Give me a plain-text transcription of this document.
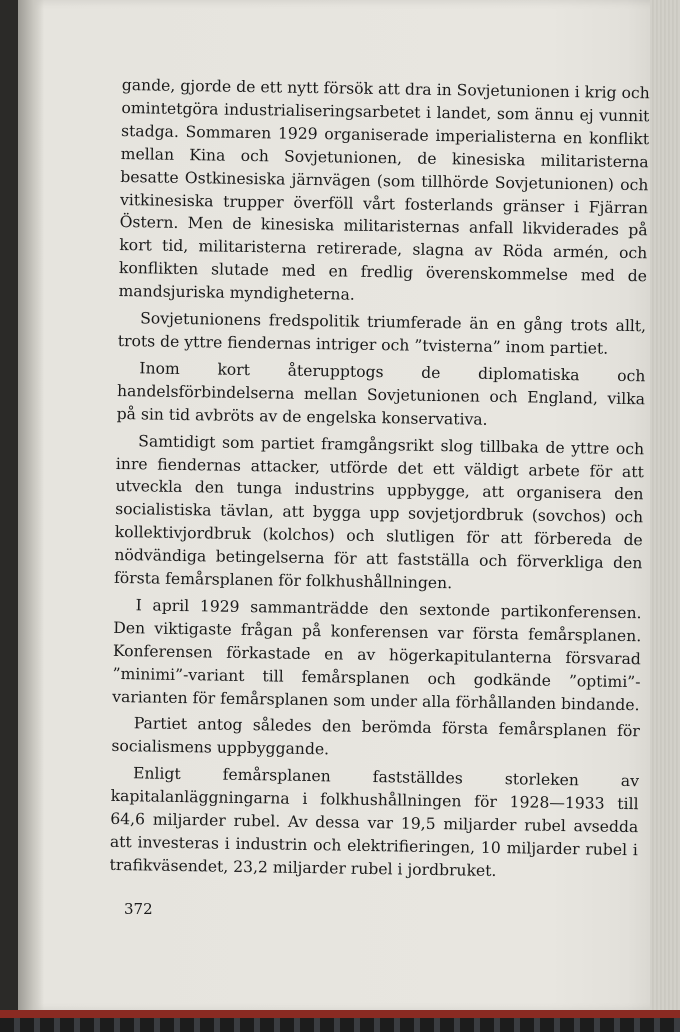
gande, gjorde de ett nytt försök att dra in Sovjetunionen i krig och omintetgöra industrialiseringsarbetet i landet, som ännu ej vunnit stadga. Sommaren 1929 organiserade imperialisterna en konflikt mellan Kina och Sovjetunionen, de kinesiska militaristerna besatte Ostkinesiska järnvägen (som tillhörde Sovjetunionen) och vitkinesiska trupper överföll vårt fosterlands gränser i Fjärran Östern. Men de kinesiska militaristernas anfall likviderades på kort tid, militaristerna retirerade, slagna av Röda armén, och konflikten slutade med en fredlig överenskommelse med de mandsjuriska myndigheterna.

Sovjetunionens fredspolitik triumferade än en gång trots allt, trots de yttre fiendernas intriger och ”tvisterna” inom partiet.

Inom kort återupptogs de diplomatiska och handelsförbindelserna mellan Sovjetunionen och England, vilka på sin tid avbröts av de engelska konservativa.

Samtidigt som partiet framgångsrikt slog tillbaka de yttre och inre fiendernas attacker, utförde det ett väldigt arbete för att utveckla den tunga industrins uppbygge, att organisera den socialistiska tävlan, att bygga upp sovjetjordbruk (sovchos) och kollektivjordbruk (kolchos) och slutligen för att förbereda de nödvändiga betingelserna för att fastställa och förverkliga den första femårsplanen för folkhushållningen.

I april 1929 sammanträdde den sextonde partikonferensen. Den viktigaste frågan på konferensen var första femårsplanen. Konferensen förkastade en av högerkapitulanterna försvarad ”minimi”-variant till femårsplanen och godkände ”optimi”-varianten för femårsplanen som under alla förhållanden bindande.

Partiet antog således den berömda första femårsplanen för socialismens uppbyggande.

Enligt femårsplanen fastställdes storleken av kapitalanläggningarna i folkhushållningen för 1928—1933 till 64,6 miljarder rubel. Av dessa var 19,5 miljarder rubel avsedda att investeras i industrin och elektrifieringen, 10 miljarder rubel i trafikväsendet, 23,2 miljarder rubel i jordbruket.

372
